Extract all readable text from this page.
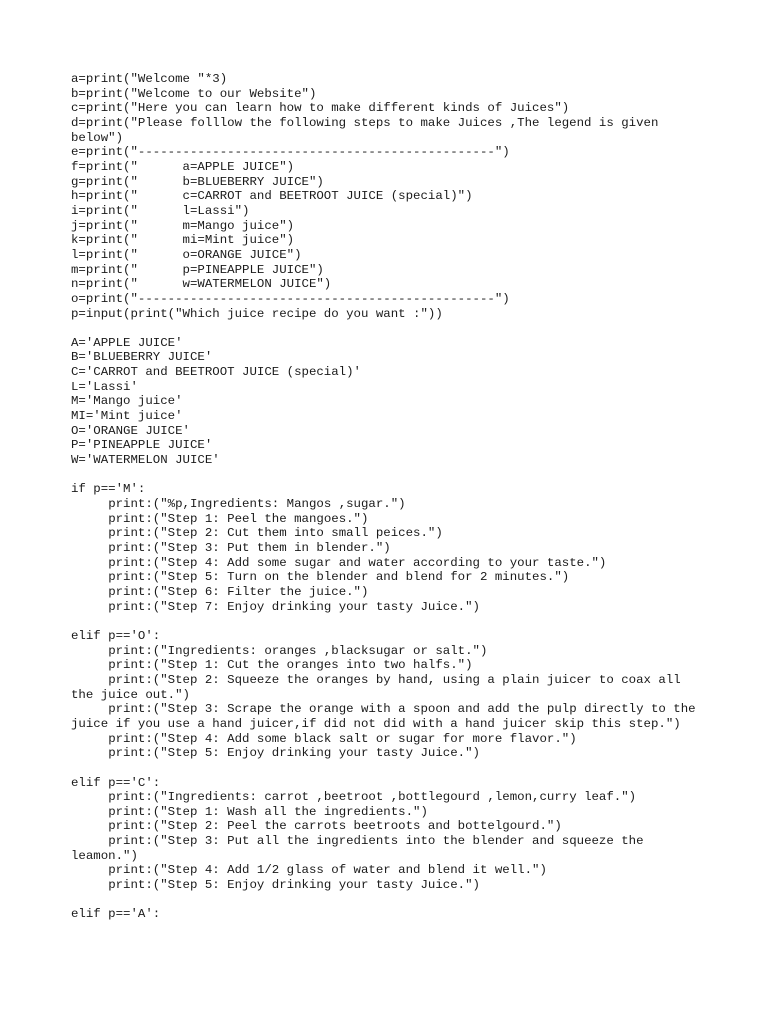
a=print("Welcome "*3)
b=print("Welcome to our Website")
c=print("Here you can learn how to make different kinds of Juices")
d=print("Please folllow the following steps to make Juices ,The legend is given below")
e=print("------------------------------------------------")
f=print("      a=APPLE JUICE")
g=print("      b=BLUEBERRY JUICE")
h=print("      c=CARROT and BEETROOT JUICE (special)")
i=print("      l=Lassi")
j=print("      m=Mango juice")
k=print("      mi=Mint juice")
l=print("      o=ORANGE JUICE")
m=print("      p=PINEAPPLE JUICE")
n=print("      w=WATERMELON JUICE")
o=print("------------------------------------------------")
p=input(print("Which juice recipe do you want :"))
A='APPLE JUICE'
B='BLUEBERRY JUICE'
C='CARROT and BEETROOT JUICE (special)'
L='Lassi'
M='Mango juice'
MI='Mint juice'
O='ORANGE JUICE'
P='PINEAPPLE JUICE'
W='WATERMELON JUICE'
if p=='M':
print:("%p,Ingredients: Mangos ,sugar.")
print:("Step 1: Peel the mangoes.")
print:("Step 2: Cut them into small peices.")
print:("Step 3: Put them in blender.")
print:("Step 4: Add some sugar and water according to your taste.")
print:("Step 5: Turn on the blender and blend for 2 minutes.")
print:("Step 6: Filter the juice.")
print:("Step 7: Enjoy drinking your tasty Juice.")
elif p=='O':
print:("Ingredients: oranges ,blacksugar or salt.")
print:("Step 1: Cut the oranges into two halfs.")
print:("Step 2: Squeeze the oranges by hand, using a plain juicer to coax all the juice out.")
print:("Step 3: Scrape the orange with a spoon and add the pulp directly to the juice if you use a hand juicer,if did not did with a hand juicer skip this step.")
print:("Step 4: Add some black salt or sugar for more flavor.")
print:("Step 5: Enjoy drinking your tasty Juice.")
elif p=='C':
print:("Ingredients: carrot ,beetroot ,bottlegourd ,lemon,curry leaf.")
print:("Step 1: Wash all the ingredients.")
print:("Step 2: Peel the carrots beetroots and bottelgourd.")
print:("Step 3: Put all the ingredients into the blender and squeeze the leamon.")
print:("Step 4: Add 1/2 glass of water and blend it well.")
print:("Step 5: Enjoy drinking your tasty Juice.")
elif p=='A':
